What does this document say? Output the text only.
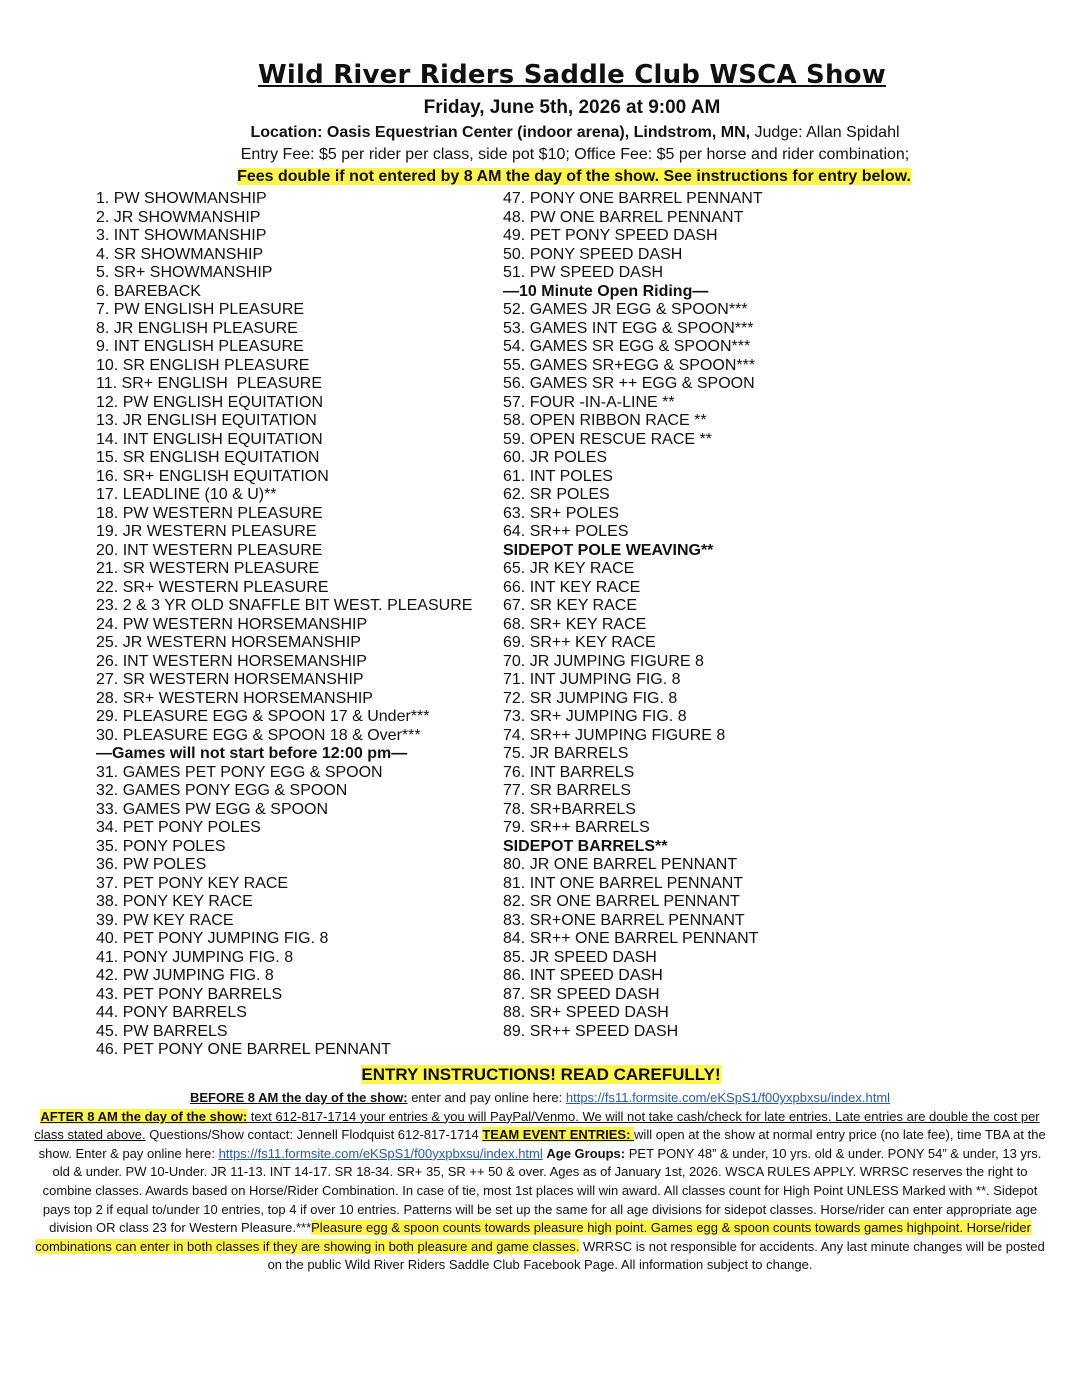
Wild River Riders Saddle Club WSCA Show
Friday, June 5th, 2026 at 9:00 AM
Location: Oasis Equestrian Center (indoor arena), Lindstrom, MN, Judge: Allan Spidahl
Entry Fee: $5 per rider per class, side pot $10; Office Fee: $5 per horse and rider combination;
Fees double if not entered by 8 AM the day of the show. See instructions for entry below.
1. PW SHOWMANSHIP
2. JR SHOWMANSHIP
3. INT SHOWMANSHIP
4. SR SHOWMANSHIP
5. SR+ SHOWMANSHIP
6. BAREBACK
7. PW ENGLISH PLEASURE
8. JR ENGLISH PLEASURE
9. INT ENGLISH PLEASURE
10. SR ENGLISH PLEASURE
11. SR+ ENGLISH  PLEASURE
12. PW ENGLISH EQUITATION
13. JR ENGLISH EQUITATION
14. INT ENGLISH EQUITATION
15. SR ENGLISH EQUITATION
16. SR+ ENGLISH EQUITATION
17. LEADLINE (10 & U)**
18. PW WESTERN PLEASURE
19. JR WESTERN PLEASURE
20. INT WESTERN PLEASURE
21. SR WESTERN PLEASURE
22. SR+ WESTERN PLEASURE
23. 2 & 3 YR OLD SNAFFLE BIT WEST. PLEASURE
24. PW WESTERN HORSEMANSHIP
25. JR WESTERN HORSEMANSHIP
26. INT WESTERN HORSEMANSHIP
27. SR WESTERN HORSEMANSHIP
28. SR+ WESTERN HORSEMANSHIP
29. PLEASURE EGG & SPOON 17 & Under***
30. PLEASURE EGG & SPOON 18 & Over***
—Games will not start before 12:00 pm—
31. GAMES PET PONY EGG & SPOON
32. GAMES PONY EGG & SPOON
33. GAMES PW EGG & SPOON
34. PET PONY POLES
35. PONY POLES
36. PW POLES
37. PET PONY KEY RACE
38. PONY KEY RACE
39. PW KEY RACE
40. PET PONY JUMPING FIG. 8
41. PONY JUMPING FIG. 8
42. PW JUMPING FIG. 8
43. PET PONY BARRELS
44. PONY BARRELS
45. PW BARRELS
46. PET PONY ONE BARREL PENNANT
47. PONY ONE BARREL PENNANT
48. PW ONE BARREL PENNANT
49. PET PONY SPEED DASH
50. PONY SPEED DASH
51. PW SPEED DASH
—10 Minute Open Riding—
52. GAMES JR EGG & SPOON***
53. GAMES INT EGG & SPOON***
54. GAMES SR EGG & SPOON***
55. GAMES SR+EGG & SPOON***
56. GAMES SR ++ EGG & SPOON
57. FOUR -IN-A-LINE **
58. OPEN RIBBON RACE **
59. OPEN RESCUE RACE **
60. JR POLES
61. INT POLES
62. SR POLES
63. SR+ POLES
64. SR++ POLES
SIDEPOT POLE WEAVING**
65. JR KEY RACE
66. INT KEY RACE
67. SR KEY RACE
68. SR+ KEY RACE
69. SR++ KEY RACE
70. JR JUMPING FIGURE 8
71. INT JUMPING FIG. 8
72. SR JUMPING FIG. 8
73. SR+ JUMPING FIG. 8
74. SR++ JUMPING FIGURE 8
75. JR BARRELS
76. INT BARRELS
77. SR BARRELS
78. SR+BARRELS
79. SR++ BARRELS
SIDEPOT BARRELS**
80. JR ONE BARREL PENNANT
81. INT ONE BARREL PENNANT
82. SR ONE BARREL PENNANT
83. SR+ONE BARREL PENNANT
84. SR++ ONE BARREL PENNANT
85. JR SPEED DASH
86. INT SPEED DASH
87. SR SPEED DASH
88. SR+ SPEED DASH
89. SR++ SPEED DASH
ENTRY INSTRUCTIONS! READ CAREFULLY!
BEFORE 8 AM the day of the show: enter and pay online here: https://fs11.formsite.com/eKSpS1/f00yxpbxsu/index.html
AFTER 8 AM the day of the show: text 612-817-1714 your entries & you will PayPal/Venmo. We will not take cash/check for late entries. Late entries are double the cost per class stated above. Questions/Show contact: Jennell Flodquist 612-817-1714 TEAM EVENT ENTRIES: will open at the show at normal entry price (no late fee), time TBA at the show. Enter & pay online here: https://fs11.formsite.com/eKSpS1/f00yxpbxsu/index.html Age Groups: PET PONY 48” & under, 10 yrs. old & under. PONY 54” & under, 13 yrs. old & under. PW 10-Under. JR 11-13. INT 14-17. SR 18-34. SR+ 35, SR ++ 50 & over. Ages as of January 1st, 2026. WSCA RULES APPLY. WRRSC reserves the right to combine classes. Awards based on Horse/Rider Combination. In case of tie, most 1st places will win award. All classes count for High Point UNLESS Marked with **. Sidepot pays top 2 if equal to/under 10 entries, top 4 if over 10 entries. Patterns will be set up the same for all age divisions for sidepot classes. Horse/rider can enter appropriate age division OR class 23 for Western Pleasure.***Pleasure egg & spoon counts towards pleasure high point. Games egg & spoon counts towards games highpoint. Horse/rider combinations can enter in both classes if they are showing in both pleasure and game classes. WRRSC is not responsible for accidents. Any last minute changes will be posted on the public Wild River Riders Saddle Club Facebook Page. All information subject to change.
